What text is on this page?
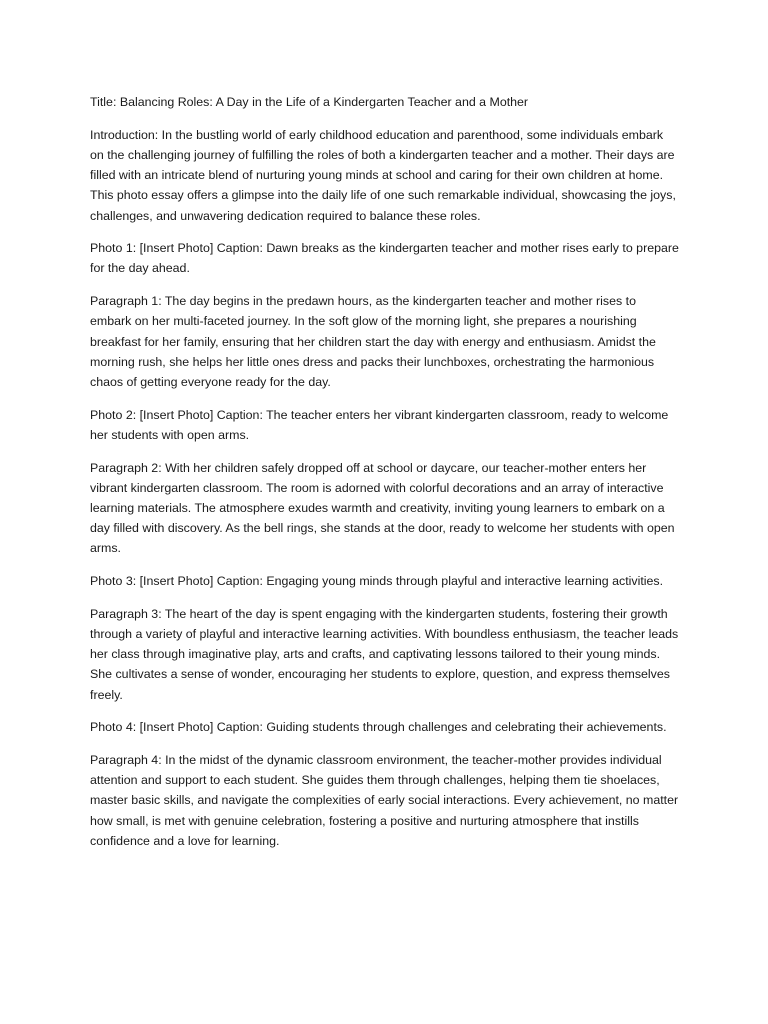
Title: Balancing Roles: A Day in the Life of a Kindergarten Teacher and a Mother

Introduction: In the bustling world of early childhood education and parenthood, some individuals embark on the challenging journey of fulfilling the roles of both a kindergarten teacher and a mother. Their days are filled with an intricate blend of nurturing young minds at school and caring for their own children at home. This photo essay offers a glimpse into the daily life of one such remarkable individual, showcasing the joys, challenges, and unwavering dedication required to balance these roles.

Photo 1: [Insert Photo] Caption: Dawn breaks as the kindergarten teacher and mother rises early to prepare for the day ahead.

Paragraph 1: The day begins in the predawn hours, as the kindergarten teacher and mother rises to embark on her multi-faceted journey. In the soft glow of the morning light, she prepares a nourishing breakfast for her family, ensuring that her children start the day with energy and enthusiasm. Amidst the morning rush, she helps her little ones dress and packs their lunchboxes, orchestrating the harmonious chaos of getting everyone ready for the day.

Photo 2: [Insert Photo] Caption: The teacher enters her vibrant kindergarten classroom, ready to welcome her students with open arms.

Paragraph 2: With her children safely dropped off at school or daycare, our teacher-mother enters her vibrant kindergarten classroom. The room is adorned with colorful decorations and an array of interactive learning materials. The atmosphere exudes warmth and creativity, inviting young learners to embark on a day filled with discovery. As the bell rings, she stands at the door, ready to welcome her students with open arms.

Photo 3: [Insert Photo] Caption: Engaging young minds through playful and interactive learning activities.

Paragraph 3: The heart of the day is spent engaging with the kindergarten students, fostering their growth through a variety of playful and interactive learning activities. With boundless enthusiasm, the teacher leads her class through imaginative play, arts and crafts, and captivating lessons tailored to their young minds. She cultivates a sense of wonder, encouraging her students to explore, question, and express themselves freely.

Photo 4: [Insert Photo] Caption: Guiding students through challenges and celebrating their achievements.

Paragraph 4: In the midst of the dynamic classroom environment, the teacher-mother provides individual attention and support to each student. She guides them through challenges, helping them tie shoelaces, master basic skills, and navigate the complexities of early social interactions. Every achievement, no matter how small, is met with genuine celebration, fostering a positive and nurturing atmosphere that instills confidence and a love for learning.
